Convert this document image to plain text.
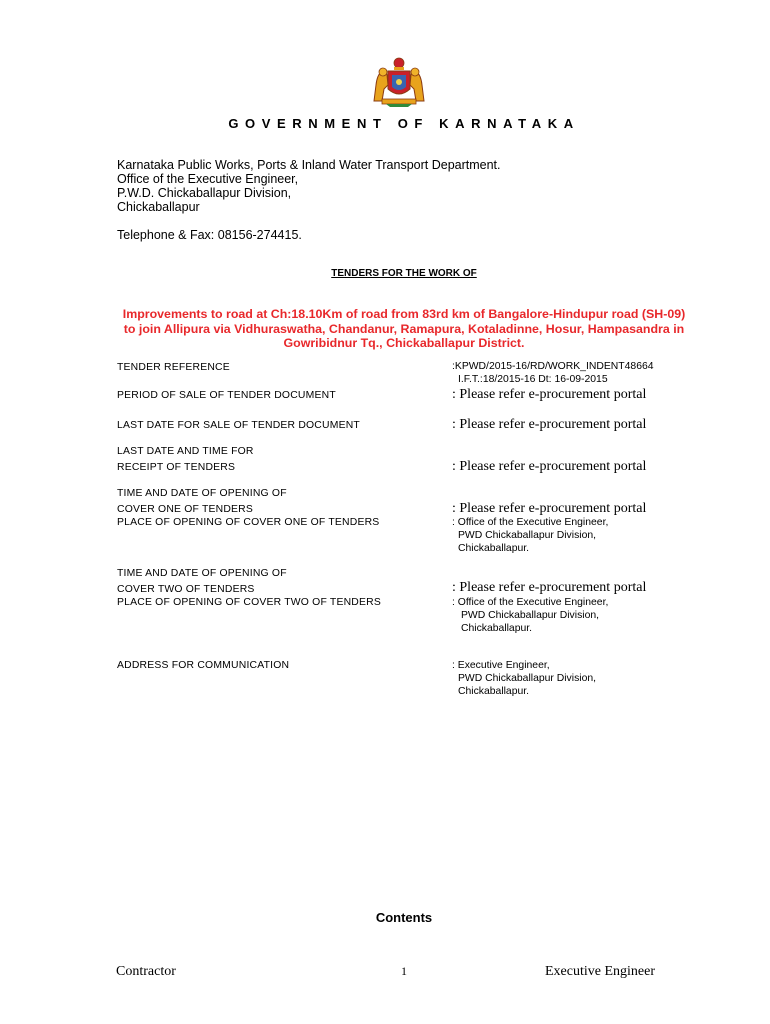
GOVERNMENT OF KARNATAKA
Karnataka Public Works, Ports & Inland Water Transport Department.
Office of the Executive Engineer,
P.W.D. Chickaballapur Division,
Chickaballapur
Telephone & Fax: 08156-274415.
TENDERS FOR THE WORK OF
Improvements to road at Ch:18.10Km of road from 83rd km of Bangalore-Hindupur road (SH-09) to join Allipura via Vidhuraswatha, Chandanur, Ramapura, Kotaladinne, Hosur, Hampasandra in Gowribidnur Tq., Chickaballapur District.
TENDER REFERENCE	:KPWD/2015-16/RD/WORK_INDENT48664
I.F.T.:18/2015-16 Dt: 16-09-2015
PERIOD OF SALE OF TENDER DOCUMENT	: Please refer e-procurement portal
LAST DATE FOR SALE OF TENDER DOCUMENT	: Please refer e-procurement portal
LAST DATE AND TIME FOR
RECEIPT OF TENDERS	: Please refer e-procurement portal
TIME AND DATE OF OPENING OF
COVER ONE OF TENDERS	: Please refer e-procurement portal
PLACE OF OPENING OF COVER ONE OF TENDERS	: Office of the Executive Engineer,
PWD Chickaballapur Division,
Chickaballapur.
TIME AND DATE OF OPENING OF
COVER TWO OF TENDERS	: Please refer e-procurement portal
PLACE OF OPENING OF COVER TWO OF TENDERS	: Office of the Executive Engineer,
PWD Chickaballapur Division,
Chickaballapur.
ADDRESS FOR COMMUNICATION	: Executive Engineer,
PWD Chickaballapur Division,
Chickaballapur.
Contents
Contractor	1	Executive Engineer
